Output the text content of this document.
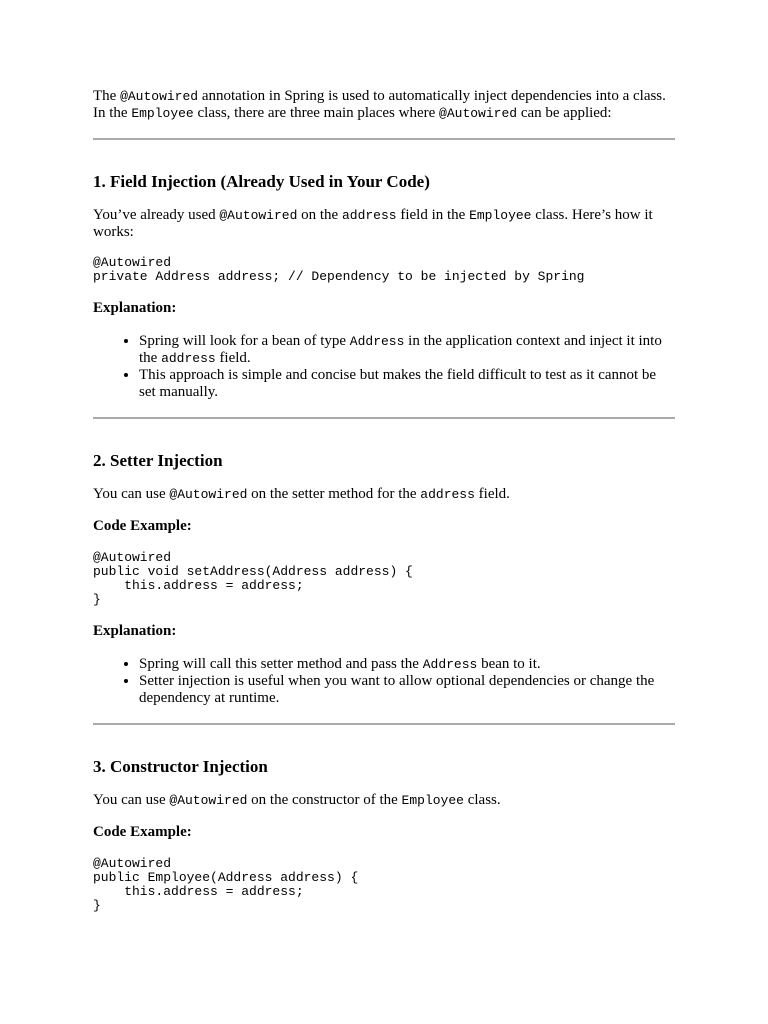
The @Autowired annotation in Spring is used to automatically inject dependencies into a class. In the Employee class, there are three main places where @Autowired can be applied:

1. Field Injection (Already Used in Your Code)

You’ve already used @Autowired on the address field in the Employee class. Here’s how it works:

@Autowired
private Address address; // Dependency to be injected by Spring

Explanation:

• Spring will look for a bean of type Address in the application context and inject it into the address field.
• This approach is simple and concise but makes the field difficult to test as it cannot be set manually.
2. Setter Injection

You can use @Autowired on the setter method for the address field.

Code Example:

@Autowired
public void setAddress(Address address) {
this.address = address;
}

Explanation:

• Spring will call this setter method and pass the Address bean to it.
• Setter injection is useful when you want to allow optional dependencies or change the dependency at runtime.
3. Constructor Injection

You can use @Autowired on the constructor of the Employee class.

Code Example:

@Autowired
public Employee(Address address) {
this.address = address;
}
